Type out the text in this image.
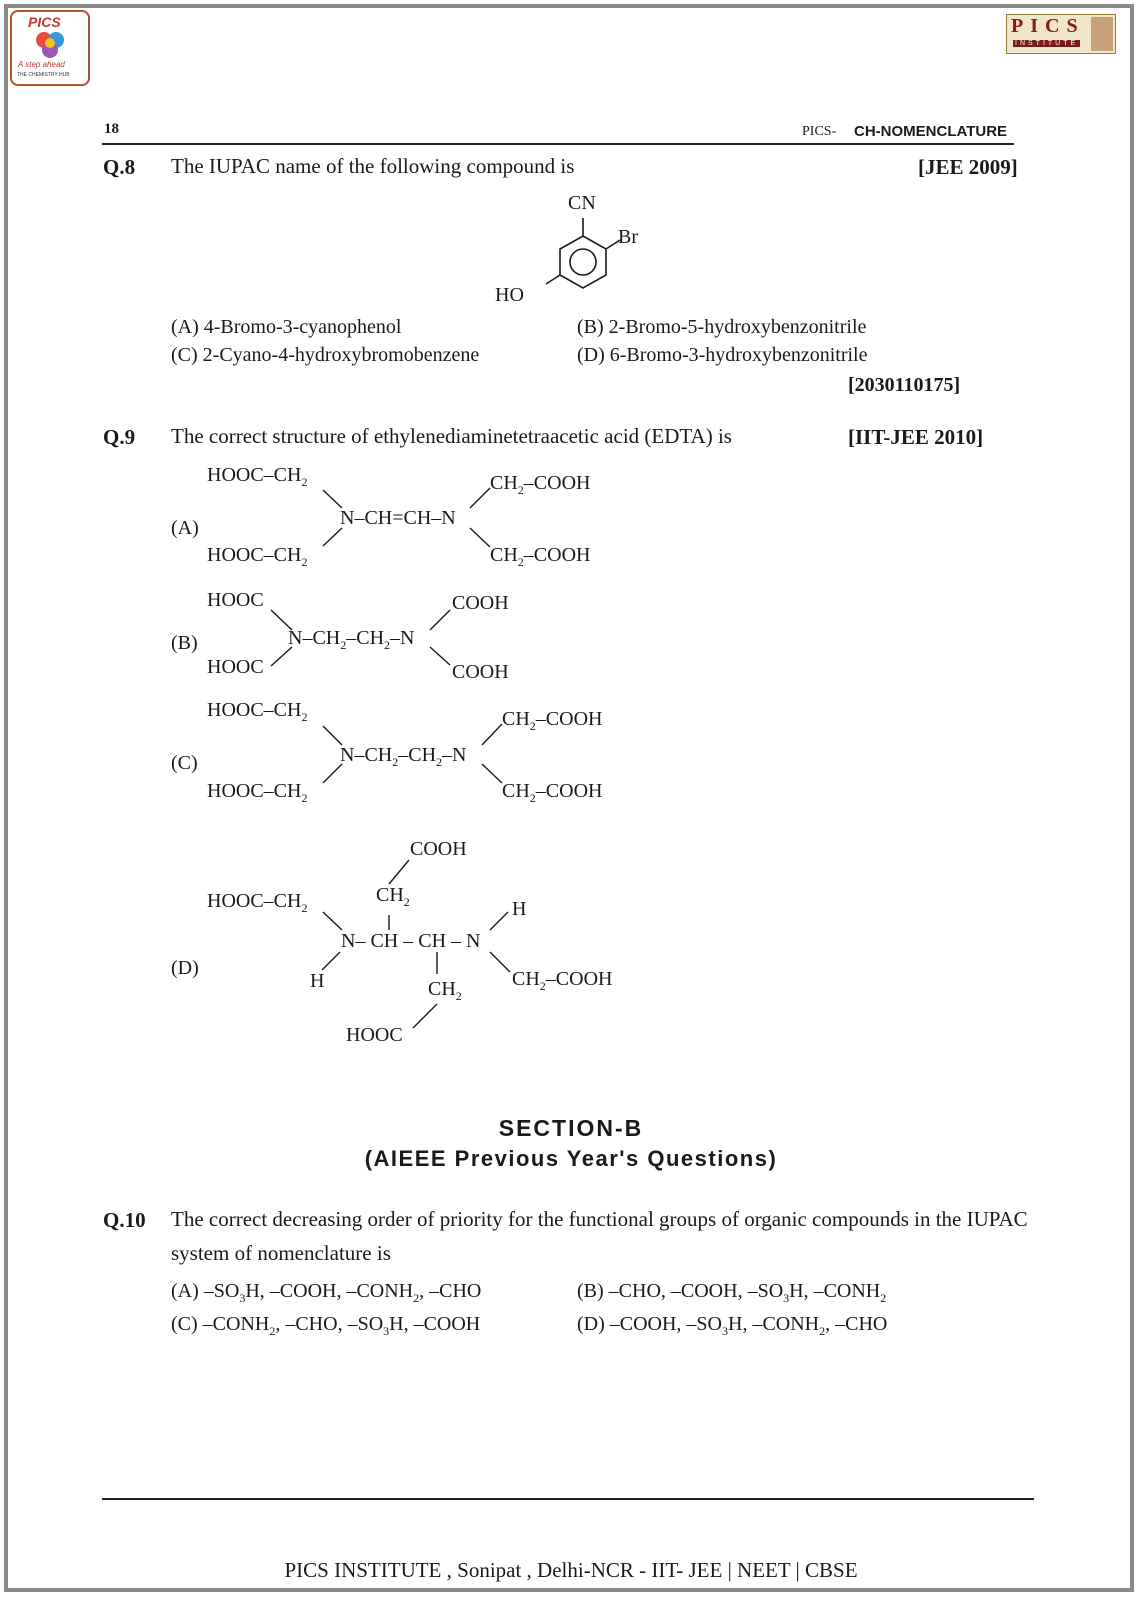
PICS
A step ahead
THE CHEMISTRY HUB
PICS
INSTITUTE
18	PICS- CH-NOMENCLATURE
Q.8 The IUPAC name of the following compound is	[JEE 2009]
CN
Br
HO
(A) 4-Bromo-3-cyanophenol	(B) 2-Bromo-5-hydroxybenzonitrile
(C) 2-Cyano-4-hydroxybromobenzene	(D) 6-Bromo-3-hydroxybenzonitrile
[2030110175]
Q.9 The correct structure of ethylenediaminetetraacetic acid (EDTA) is	[IIT-JEE 2010]
(A)
HOOC–$CH_2$
HOOC–$CH_2$
N–CH=CH–N
$CH_2$–COOH
$CH_2$–COOH
(B)
HOOC
HOOC
$N-CH_2-CH_2-N$
COOH
COOH
(C)
HOOC–$CH_2$
HOOC–$CH_2$
$N-CH_2-CH_2-N$
$CH_2$–COOH
$CH_2$–COOH
(D)
COOH
$CH_2$
HOOC–$CH_2$
N– CH – CH – N
H
H
$CH_2$
$CH_2$–COOH
HOOC
SECTION-B
(AIEEE Previous Year's Questions)
Q.10 The correct decreasing order of priority for the functional groups of organic compounds in the IUPAC
system of nomenclature is
(A) $-SO_3H$, –COOH, $-CONH_2$, –CHO	(B) –CHO, –COOH, $-SO_3H$, $-CONH_2$
(C) $-CONH_2$, –CHO, $-SO_3H$, –COOH	(D) –COOH, $-SO_3H$, $-CONH_2$, –CHO
PICS INSTITUTE , Sonipat , Delhi-NCR - IIT- JEE | NEET | CBSE
